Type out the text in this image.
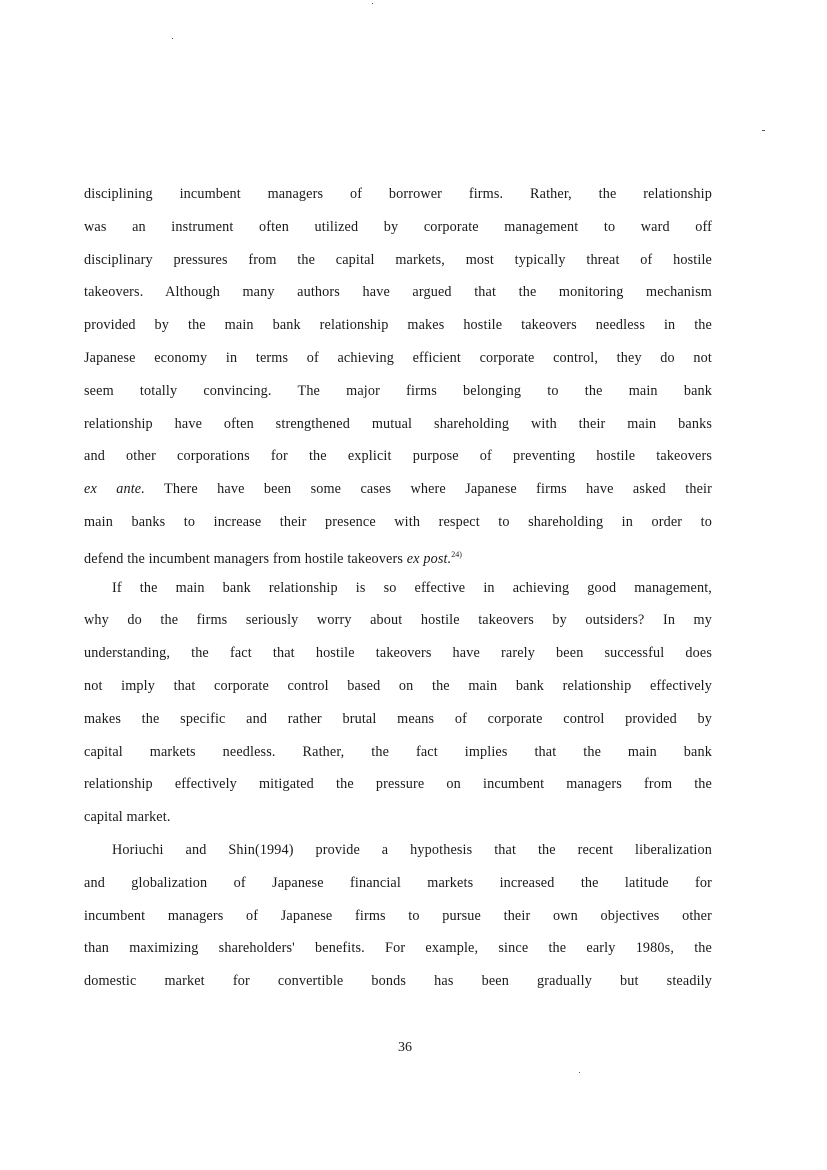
disciplining incumbent managers of borrower firms. Rather, the relationship
was an instrument often utilized by corporate management to ward off
disciplinary pressures from the capital markets, most typically threat of hostile
takeovers. Although many authors have argued that the monitoring mechanism
provided by the main bank relationship makes hostile takeovers needless in the
Japanese economy in terms of achieving efficient corporate control, they do not
seem totally convincing. The major firms belonging to the main bank
relationship have often strengthened mutual shareholding with their main banks
and other corporations for the explicit purpose of preventing hostile takeovers
ex ante. There have been some cases where Japanese firms have asked their
main banks to increase their presence with respect to shareholding in order to
defend the incumbent managers from hostile takeovers ex post.$^{24)}$
If the main bank relationship is so effective in achieving good management,
why do the firms seriously worry about hostile takeovers by outsiders? In my
understanding, the fact that hostile takeovers have rarely been successful does
not imply that corporate control based on the main bank relationship effectively
makes the specific and rather brutal means of corporate control provided by
capital markets needless. Rather, the fact implies that the main bank
relationship effectively mitigated the pressure on incumbent managers from the
capital market.
Horiuchi and Shin(1994) provide a hypothesis that the recent liberalization
and globalization of Japanese financial markets increased the latitude for
incumbent managers of Japanese firms to pursue their own objectives other
than maximizing shareholders' benefits. For example, since the early 1980s, the
domestic market for convertible bonds has been gradually but steadily
36
